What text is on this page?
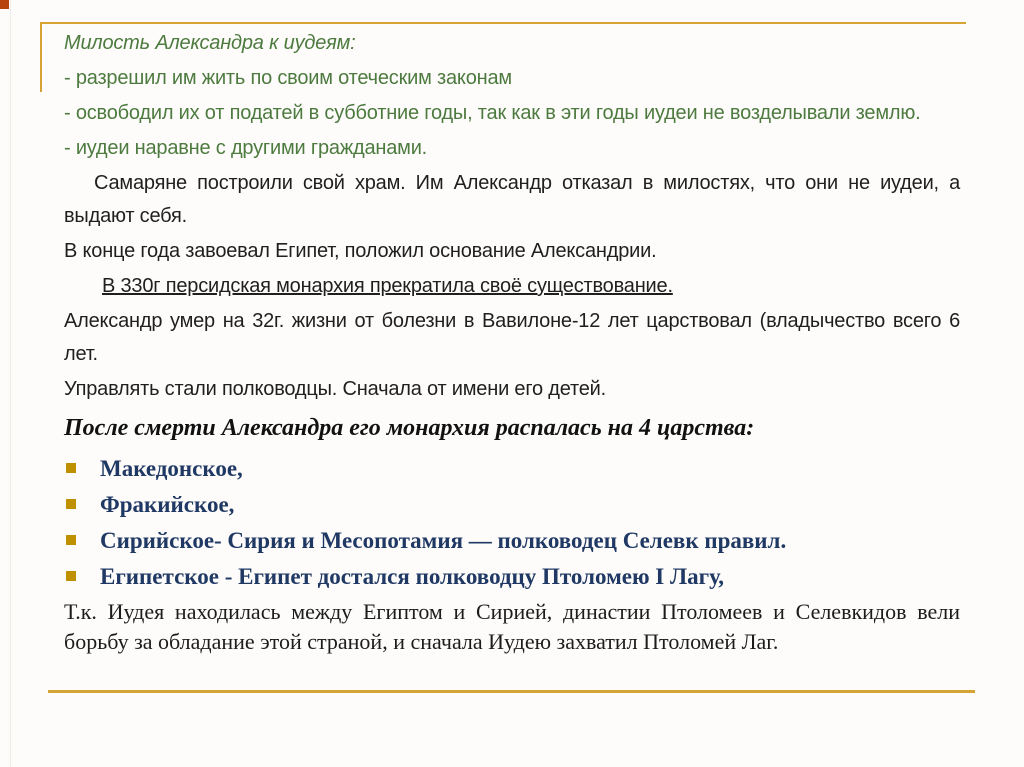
Милость Александра к иудеям:

- разрешил им жить по своим отеческим законам

- освободил их от податей в субботние годы, так как в эти годы иудеи не возделывали землю.

- иудеи наравне с другими гражданами.

Самаряне построили свой храм. Им Александр отказал в милостях, что они не иудеи, а выдают себя.

В конце года завоевал Египет, положил основание Александрии.

В 330г персидская монархия прекратила своё существование.

Александр умер на 32г. жизни от болезни в Вавилоне-12 лет царствовал (владычество всего 6 лет.

Управлять стали полководцы. Сначала от имени его детей.

После смерти Александра его монархия распалась на 4 царства:

Македонское,
Фракийское,
Сирийское- Сирия и Месопотамия — полководец Селевк правил.
Египетское - Египет достался полководцу Птоломею I Лагу,

Т.к. Иудея находилась между Египтом и Сирией, династии Птоломеев и Селевкидов вели борьбу за обладание этой страной, и сначала Иудею захватил Птоломей Лаг.
